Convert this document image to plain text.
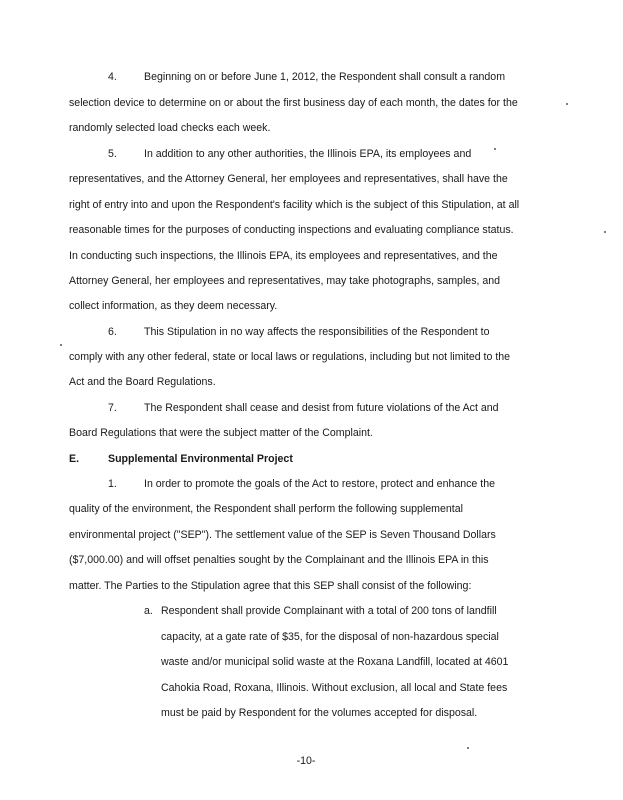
4.	Beginning on or before June 1, 2012, the Respondent shall consult a random
selection device to determine on or about the first business day of each month, the dates for the
randomly selected load checks each week.
5.	In addition to any other authorities, the Illinois EPA, its employees and
representatives, and the Attorney General, her employees and representatives, shall have the
right of entry into and upon the Respondent's facility which is the subject of this Stipulation, at all
reasonable times for the purposes of conducting inspections and evaluating compliance status.
In conducting such inspections, the Illinois EPA, its employees and representatives, and the
Attorney General, her employees and representatives, may take photographs, samples, and
collect information, as they deem necessary.
6.	This Stipulation in no way affects the responsibilities of the Respondent to
comply with any other federal, state or local laws or regulations, including but not limited to the
Act and the Board Regulations.
7.	The Respondent shall cease and desist from future violations of the Act and
Board Regulations that were the subject matter of the Complaint.
E.	Supplemental Environmental Project
1.	In order to promote the goals of the Act to restore, protect and enhance the
quality of the environment, the Respondent shall perform the following supplemental
environmental project ("SEP"). The settlement value of the SEP is Seven Thousand Dollars
($7,000.00) and will offset penalties sought by the Complainant and the Illinois EPA in this
matter. The Parties to the Stipulation agree that this SEP shall consist of the following:
a. Respondent shall provide Complainant with a total of 200 tons of landfill
capacity, at a gate rate of $35, for the disposal of non-hazardous special
waste and/or municipal solid waste at the Roxana Landfill, located at 4601
Cahokia Road, Roxana, Illinois. Without exclusion, all local and State fees
must be paid by Respondent for the volumes accepted for disposal.
-10-
